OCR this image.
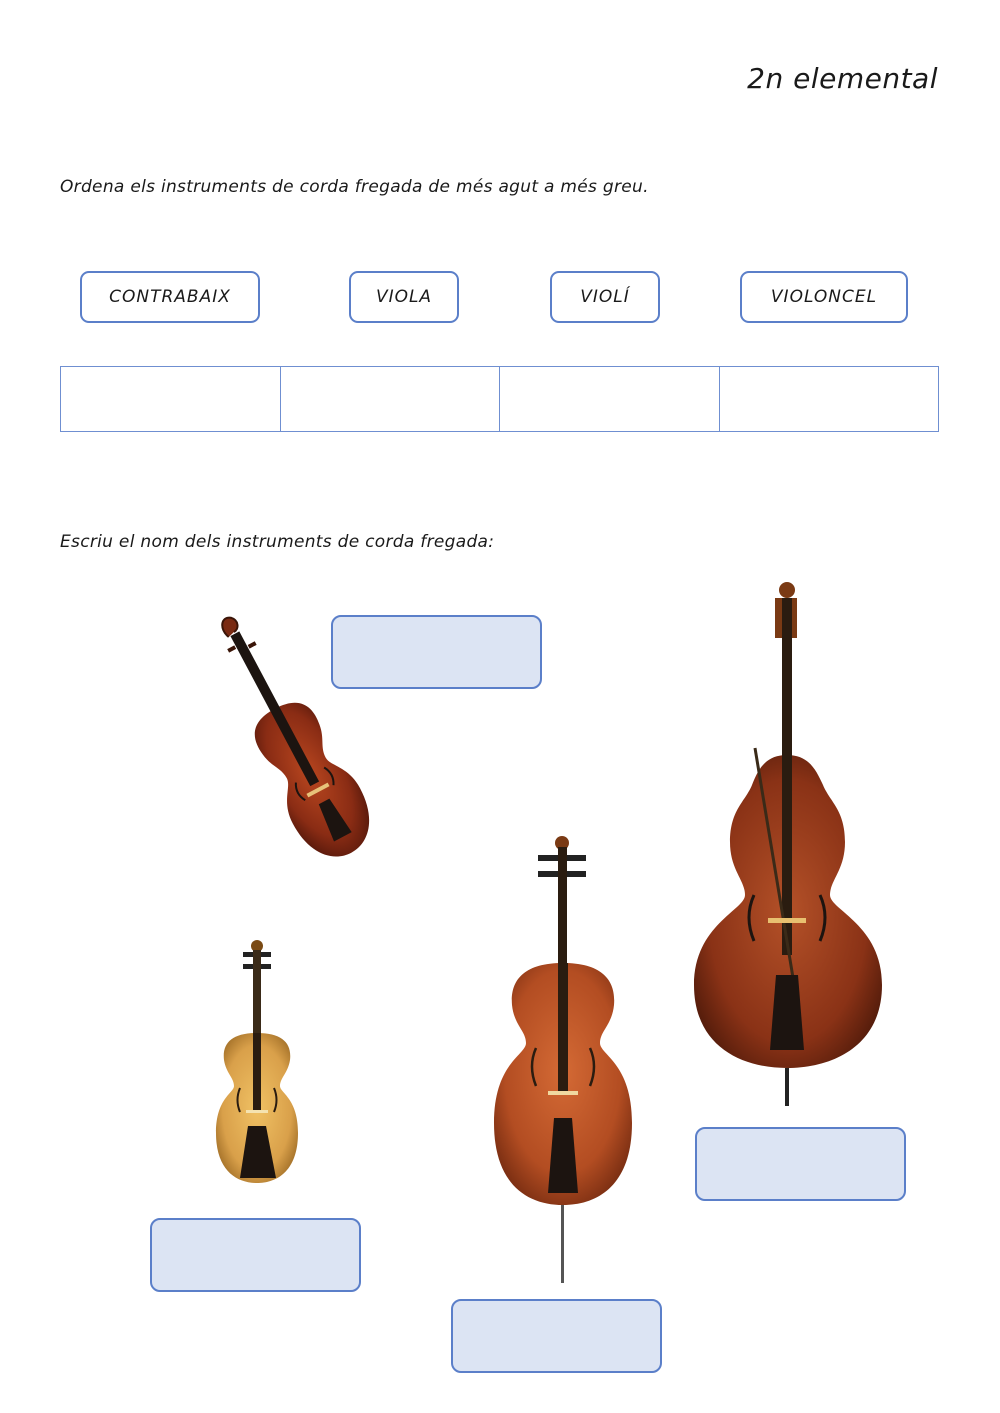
2n elemental
Ordena els instruments de corda fregada de més agut a més greu.
CONTRABAIX	VIOLA	VIOLÍ	VIOLONCEL
Escriu el nom dels instruments de corda fregada:
